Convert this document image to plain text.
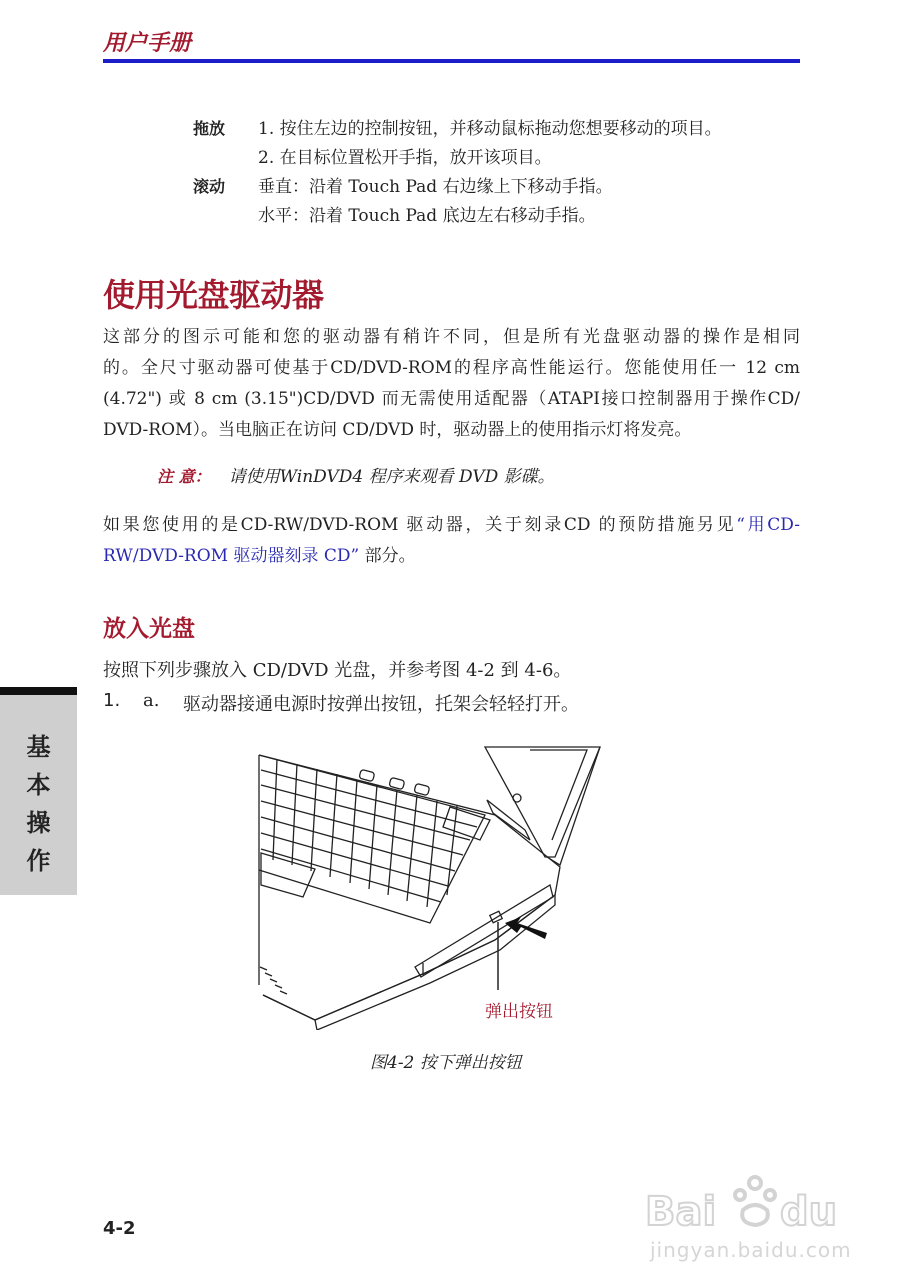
用户手册
拖放 1. 按住左边的控制按钮，并移动鼠标拖动您想要移动的项目。
2. 在目标位置松开手指，放开该项目。
滚动 垂直：沿着 Touch Pad 右边缘上下移动手指。
水平：沿着 Touch Pad 底边左右移动手指。
使用光盘驱动器
这部分的图示可能和您的驱动器有稍许不同，但是所有光盘驱动器的操作是相同
的。全尺寸驱动器可使基于CD/DVD-ROM的程序高性能运行。您能使用任一 12 cm
(4.72") 或 8 cm (3.15")CD/DVD 而无需使用适配器（ATAPI接口控制器用于操作CD/
DVD-ROM）。当电脑正在访问 CD/DVD 时，驱动器上的使用指示灯将发亮。
注 意： 请使用WinDVD4 程序来观看 DVD 影碟。
如果您使用的是CD-RW/DVD-ROM 驱动器，关于刻录CD 的预防措施另见“用CD-
RW/DVD-ROM 驱动器刻录 CD” 部分。
放入光盘
按照下列步骤放入 CD/DVD 光盘，并参考图 4-2 到 4-6。
1. a. 驱动器接通电源时按弹出按钮，托架会轻轻打开。
基
本
操
作
弹出按钮
图4-2 按下弹出按钮
4-2	Bai du
jingyan.baidu.com
